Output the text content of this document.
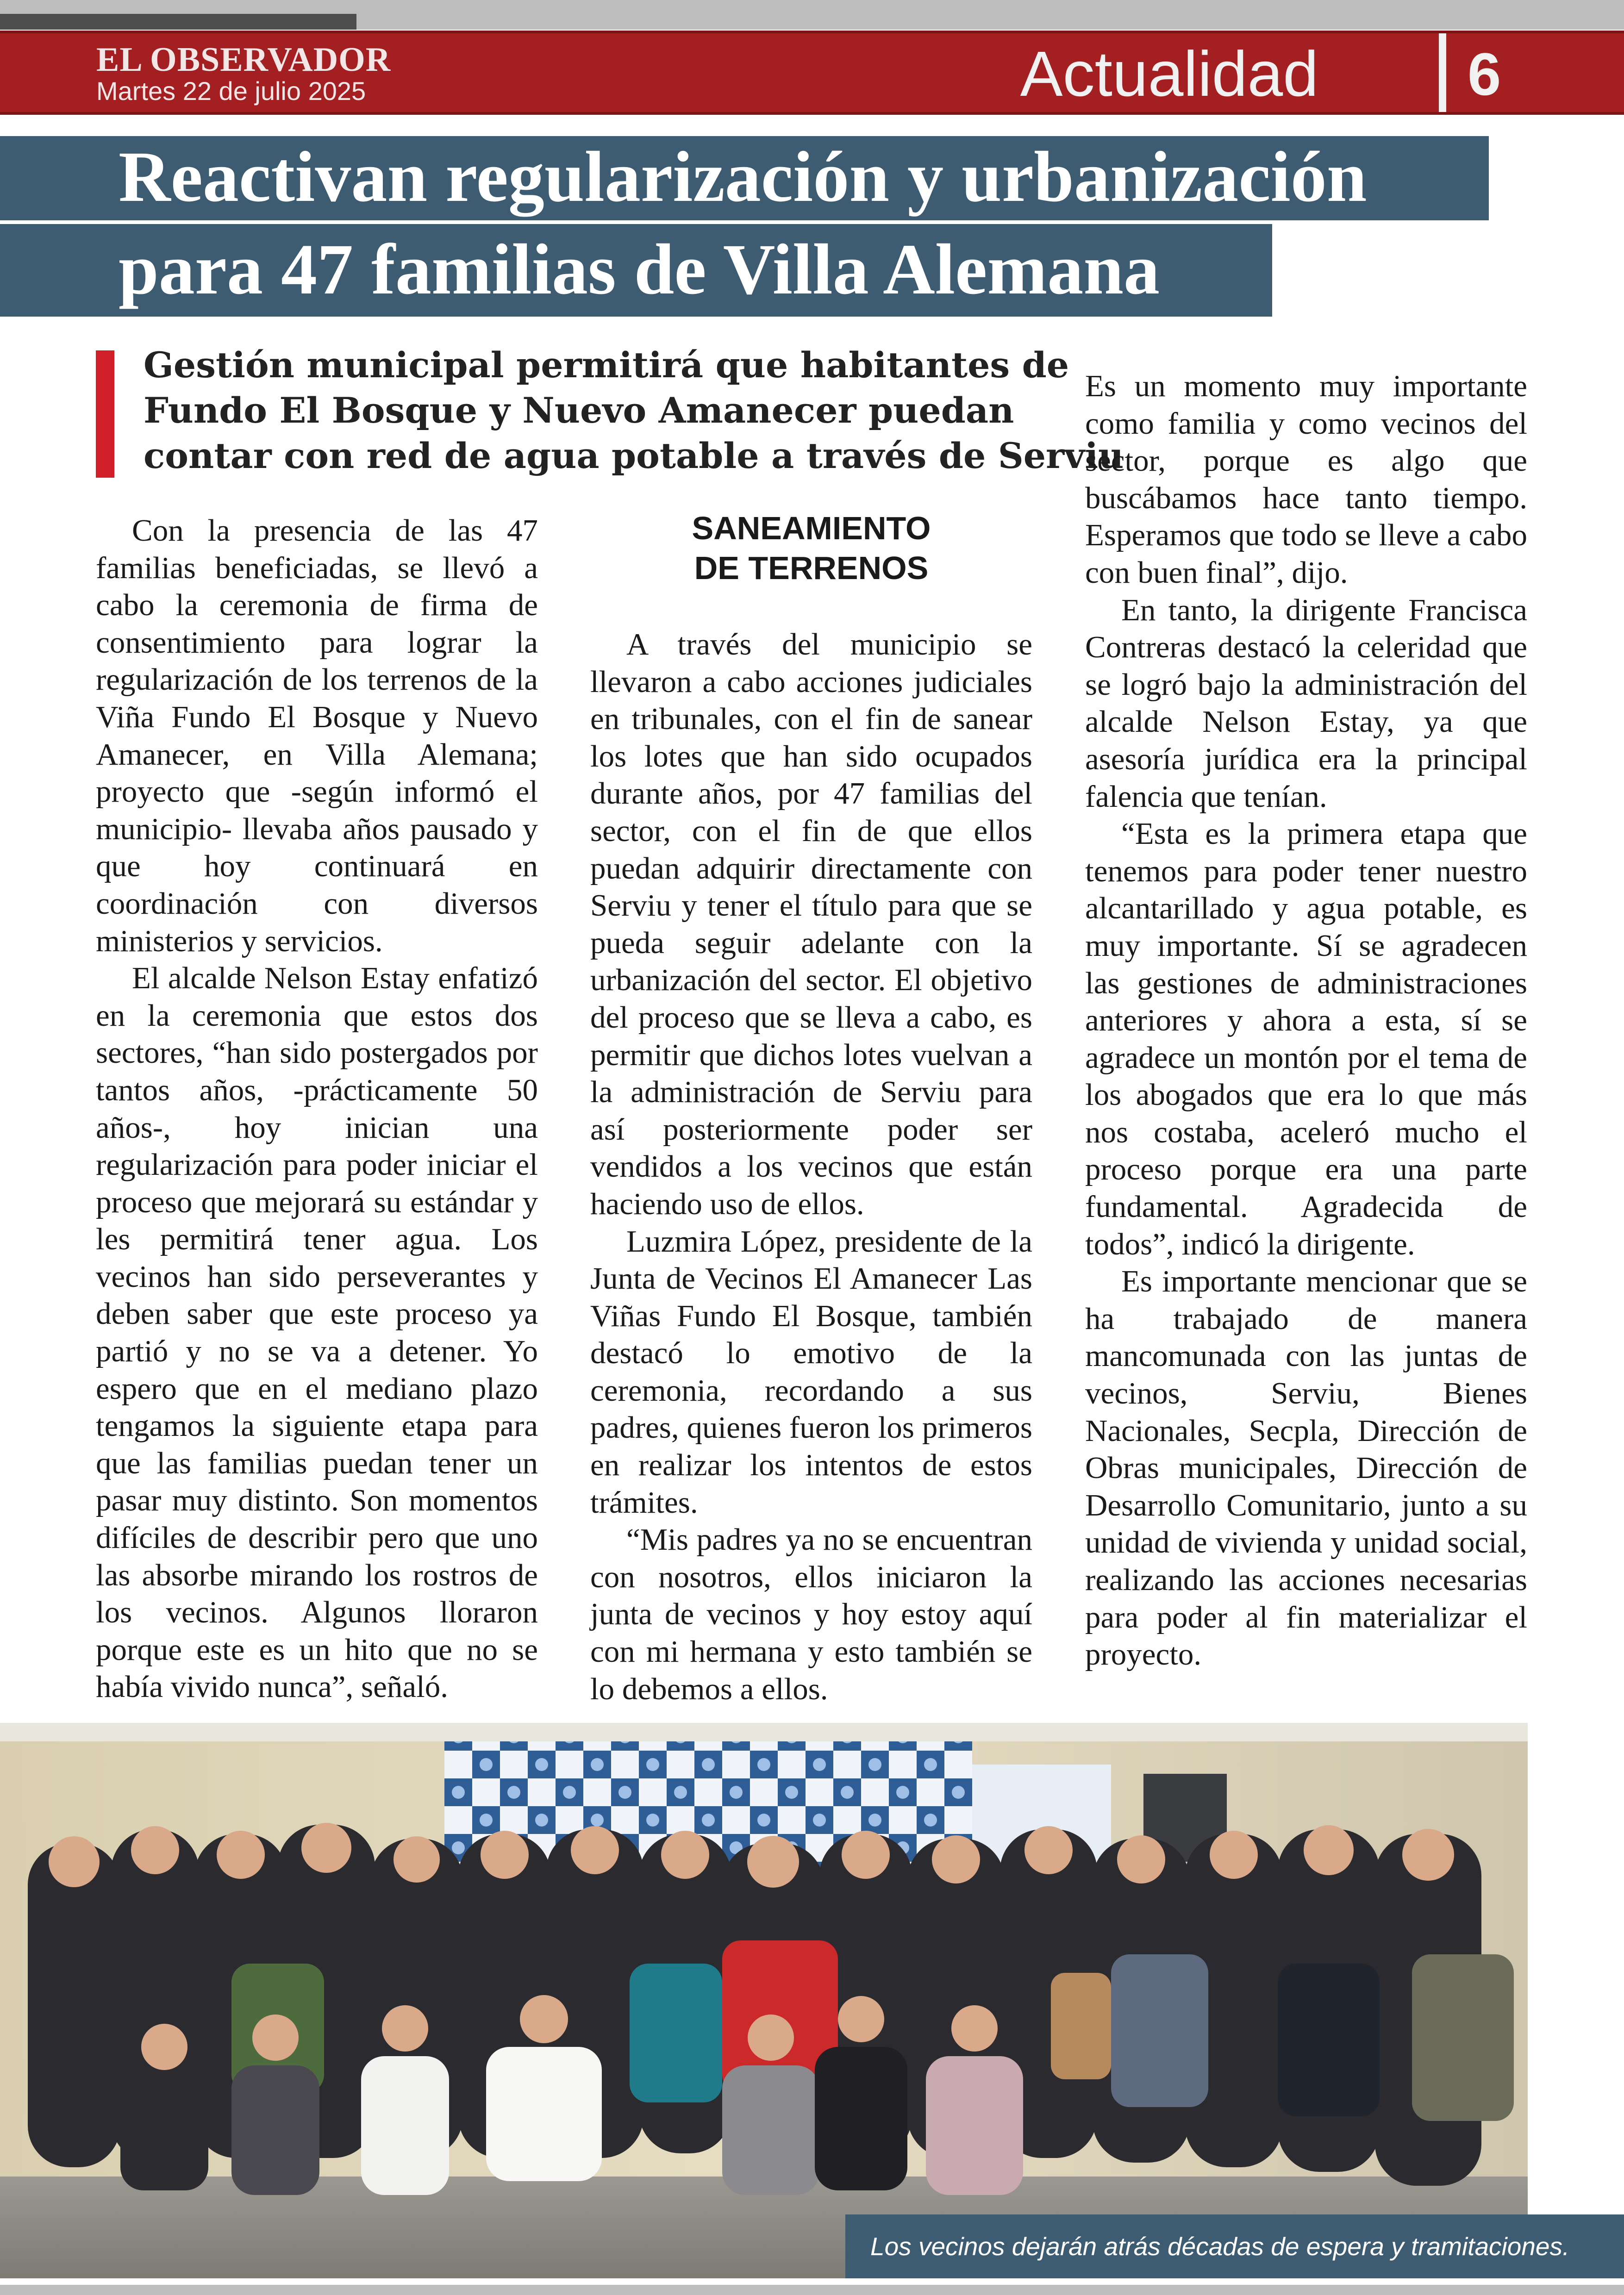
EL OBSERVADOR
Martes 22 de julio 2025	Actualidad 6
Reactivan regularización y urbanización
para 47 familias de Villa Alemana
Gestión municipal permitirá que habitantes de
Fundo El Bosque y Nuevo Amanecer puedan
contar con red de agua potable a través de Serviu

Con la presencia de las 47 familias beneficiadas, se llevó a cabo la ceremonia de firma de consentimiento para lograr la regularización de los terrenos de la Viña Fundo El Bosque y Nuevo Amanecer, en Villa Alemana; proyecto que -según informó el municipio- llevaba años pausado y que hoy continuará en coordinación con diversos ministerios y servicios.

El alcalde Nelson Estay enfatizó en la ceremonia que estos dos sectores, “han sido postergados por tantos años, -prácticamente 50 años-, hoy inician una regularización para poder iniciar el proceso que mejorará su estándar y les permitirá tener agua. Los vecinos han sido perseverantes y deben saber que este proceso ya partió y no se va a detener. Yo espero que en el mediano plazo tengamos la siguiente etapa para que las familias puedan tener un pasar muy distinto. Son momentos difíciles de describir pero que uno las absorbe mirando los rostros de los vecinos. Algunos lloraron porque este es un hito que no se había vivido nunca”, señaló.

SANEAMIENTO
DE TERRENOS

A través del municipio se llevaron a cabo acciones judiciales en tribunales, con el fin de sanear los lotes que han sido ocupados durante años, por 47 familias del sector, con el fin de que ellos puedan adquirir directamente con Serviu y tener el título para que se pueda seguir adelante con la urbanización del sector. El objetivo del proceso que se lleva a cabo, es permitir que dichos lotes vuelvan a la administración de Serviu para así posteriormente poder ser vendidos a los vecinos que están haciendo uso de ellos.

Luzmira López, presidente de la Junta de Vecinos El Amanecer Las Viñas Fundo El Bosque, también destacó lo emotivo de la ceremonia, recordando a sus padres, quienes fueron los primeros en realizar los intentos de estos trámites.

“Mis padres ya no se encuentran con nosotros, ellos iniciaron la junta de vecinos y hoy estoy aquí con mi hermana y esto también se lo debemos a ellos.

Es un momento muy importante como familia y como vecinos del sector, porque es algo que buscábamos hace tanto tiempo. Esperamos que todo se lleve a cabo con buen final”, dijo.

En tanto, la dirigente Francisca Contreras destacó la celeridad que se logró bajo la administración del alcalde Nelson Estay, ya que asesoría jurídica era la principal falencia que tenían.

“Esta es la primera etapa que tenemos para poder tener nuestro alcantarillado y agua potable, es muy importante. Sí se agradecen las gestiones de administraciones anteriores y ahora a esta, sí se agradece un montón por el tema de los abogados que era lo que más nos costaba, aceleró mucho el proceso porque era una parte fundamental. Agradecida de todos”, indicó la dirigente.

Es importante mencionar que se ha trabajado de manera mancomunada con las juntas de vecinos, Serviu, Bienes Nacionales, Secpla, Dirección de Obras municipales, Dirección de Desarrollo Comunitario, junto a su unidad de vivienda y unidad social, realizando las acciones necesarias para poder al fin materializar el proyecto.

Los vecinos dejarán atrás décadas de espera y tramitaciones.
